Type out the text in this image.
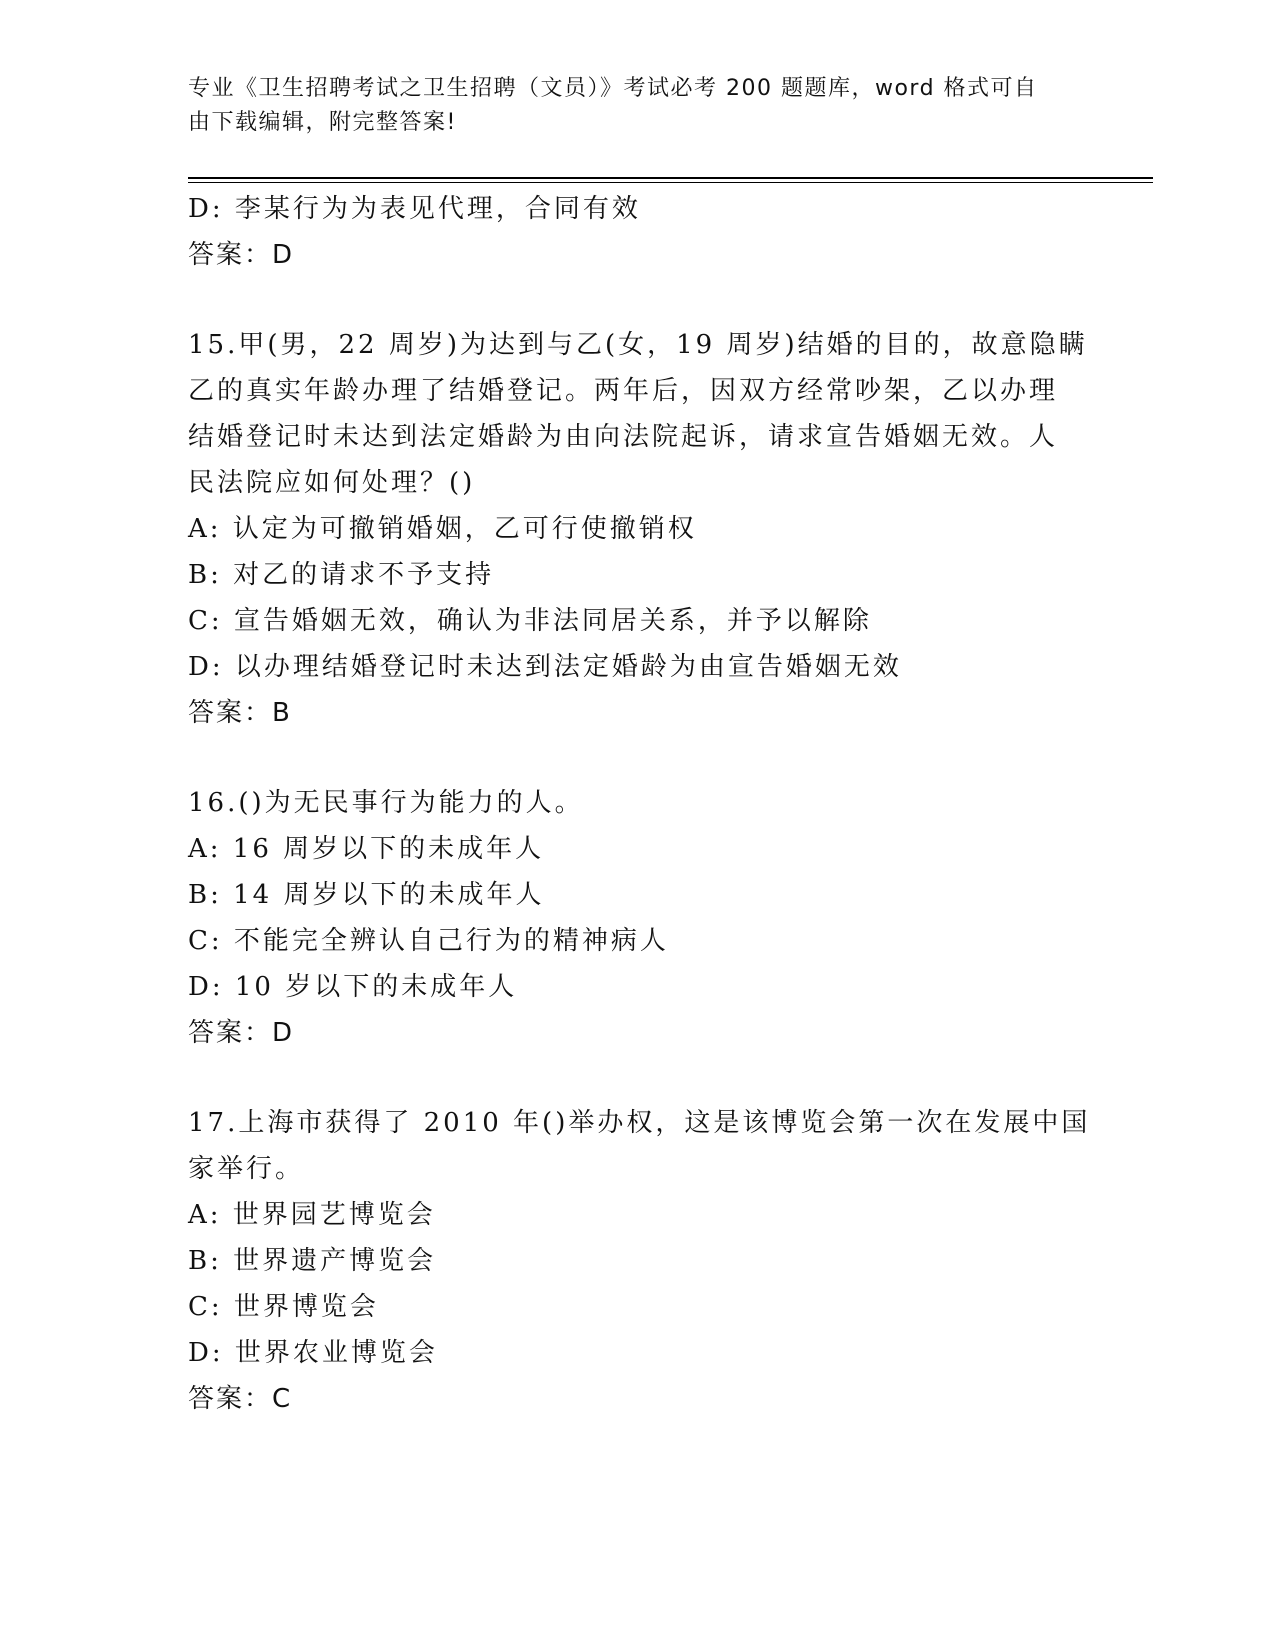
专业《卫生招聘考试之卫生招聘（文员）》考试必考 200 题题库，word 格式可自
由下载编辑，附完整答案!
D: 李某行为为表见代理，合同有效
答案：D
15.甲(男，22 周岁)为达到与乙(女，19 周岁)结婚的目的，故意隐瞒
乙的真实年龄办理了结婚登记。两年后，因双方经常吵架，乙以办理
结婚登记时未达到法定婚龄为由向法院起诉，请求宣告婚姻无效。人
民法院应如何处理？()
A: 认定为可撤销婚姻，乙可行使撤销权
B: 对乙的请求不予支持
C: 宣告婚姻无效，确认为非法同居关系，并予以解除
D: 以办理结婚登记时未达到法定婚龄为由宣告婚姻无效
答案：B
16.()为无民事行为能力的人。
A: 16 周岁以下的未成年人
B: 14 周岁以下的未成年人
C: 不能完全辨认自己行为的精神病人
D: 10 岁以下的未成年人
答案：D
17.上海市获得了 2010 年()举办权，这是该博览会第一次在发展中国
家举行。
A: 世界园艺博览会
B: 世界遗产博览会
C: 世界博览会
D: 世界农业博览会
答案：C
